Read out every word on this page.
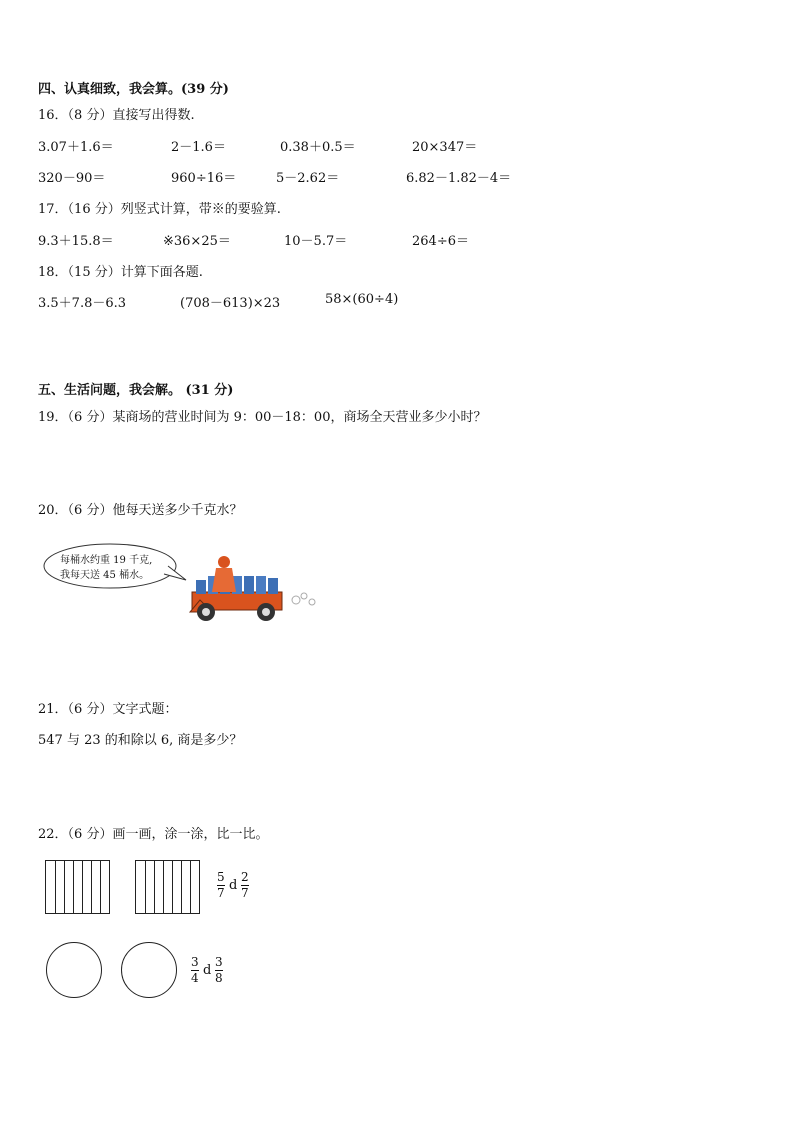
四、认真细致，我会算。(39 分)
16．（8 分）直接写出得数.
3.07＋1.6＝	2－1.6＝	0.38＋0.5＝	20×347＝
320－90＝	960÷16＝	5－2.62＝	6.82－1.82－4＝
17．（16 分）列竖式计算，带※的要验算.
9.3＋15.8＝	※36×25＝	10－5.7＝	264÷6＝
18．（15 分）计算下面各题.
3.5＋7.8－6.3	(708－613)×23	58×(60÷4)
五、生活问题，我会解。 (31 分)
19．（6 分）某商场的营业时间为 9：00－18：00，商场全天营业多少小时？
20．（6 分）他每天送多少千克水？
每桶水约重 19 千克,
我每天送 45 桶水。
21．（6 分）文字式题：
547 与 23 的和除以 6, 商是多少？
22．（6 分）画一画，涂一涂，比一比。
5
7 d
2
7
3
4 d
3
8
